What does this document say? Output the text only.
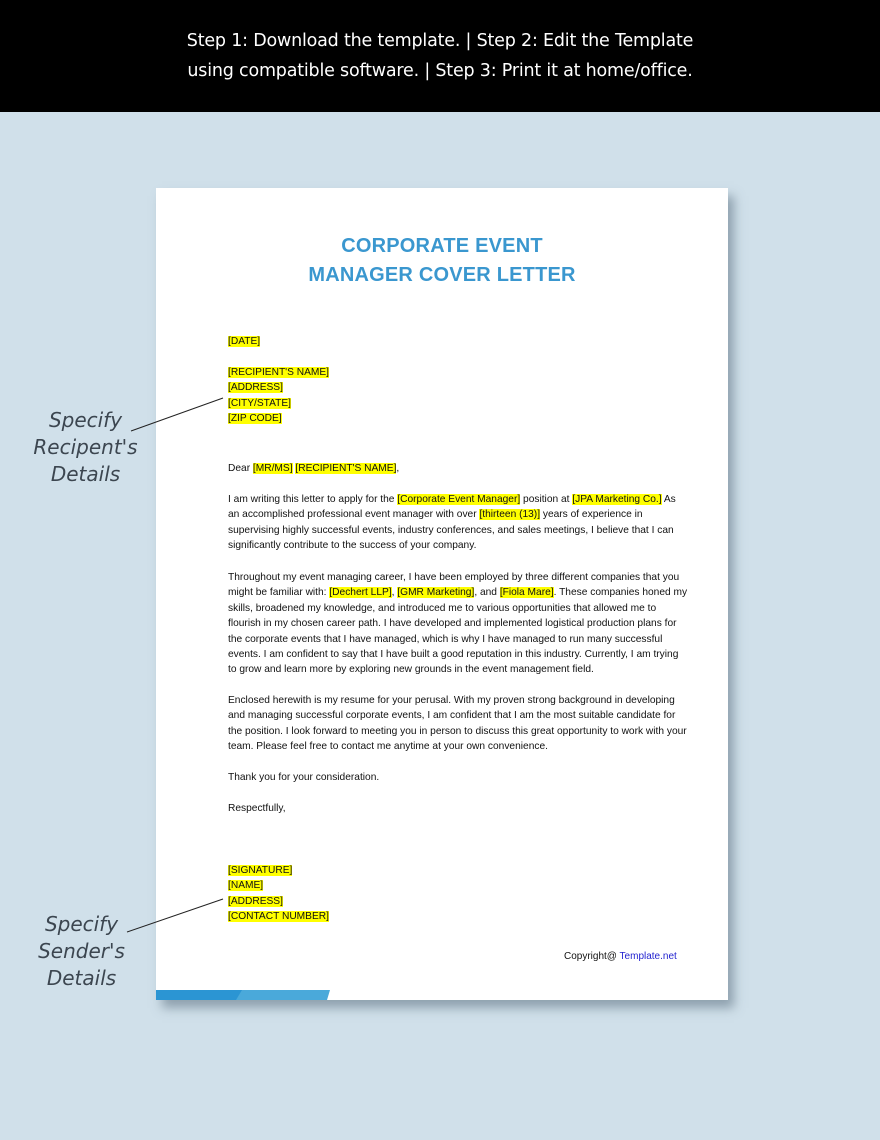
Step 1: Download the template. | Step 2: Edit the Template
using compatible software. | Step 3: Print it at home/office.
Specify
Recipent's
Details
Specify
Sender's
Details
CORPORATE EVENT
MANAGER COVER LETTER
[DATE]
[RECIPIENT'S NAME]
[ADDRESS]
[CITY/STATE]
[ZIP CODE]
Dear [MR/MS] [RECIPIENT'S NAME],
I am writing this letter to apply for the [Corporate Event Manager] position at [JPA Marketing Co.] As an accomplished professional event manager with over [thirteen (13)] years of experience in supervising highly successful events, industry conferences, and sales meetings, I believe that I can significantly contribute to the success of your company.
Throughout my event managing career, I have been employed by three different companies that you might be familiar with: [Dechert LLP], [GMR Marketing], and [Fiola Mare]. These companies honed my skills, broadened my knowledge, and introduced me to various opportunities that allowed me to flourish in my chosen career path. I have developed and implemented logistical production plans for the corporate events that I have managed, which is why I have managed to run many successful events. I am confident to say that I have built a good reputation in this industry. Currently, I am trying to grow and learn more by exploring new grounds in the event management field.
Enclosed herewith is my resume for your perusal. With my proven strong background in developing and managing successful corporate events, I am confident that I am the most suitable candidate for the position. I look forward to meeting you in person to discuss this great opportunity to work with your team. Please feel free to contact me anytime at your own convenience.
Thank you for your consideration.
Respectfully,
[SIGNATURE]
[NAME]
[ADDRESS]
[CONTACT NUMBER]
Copyright@ Template.net
